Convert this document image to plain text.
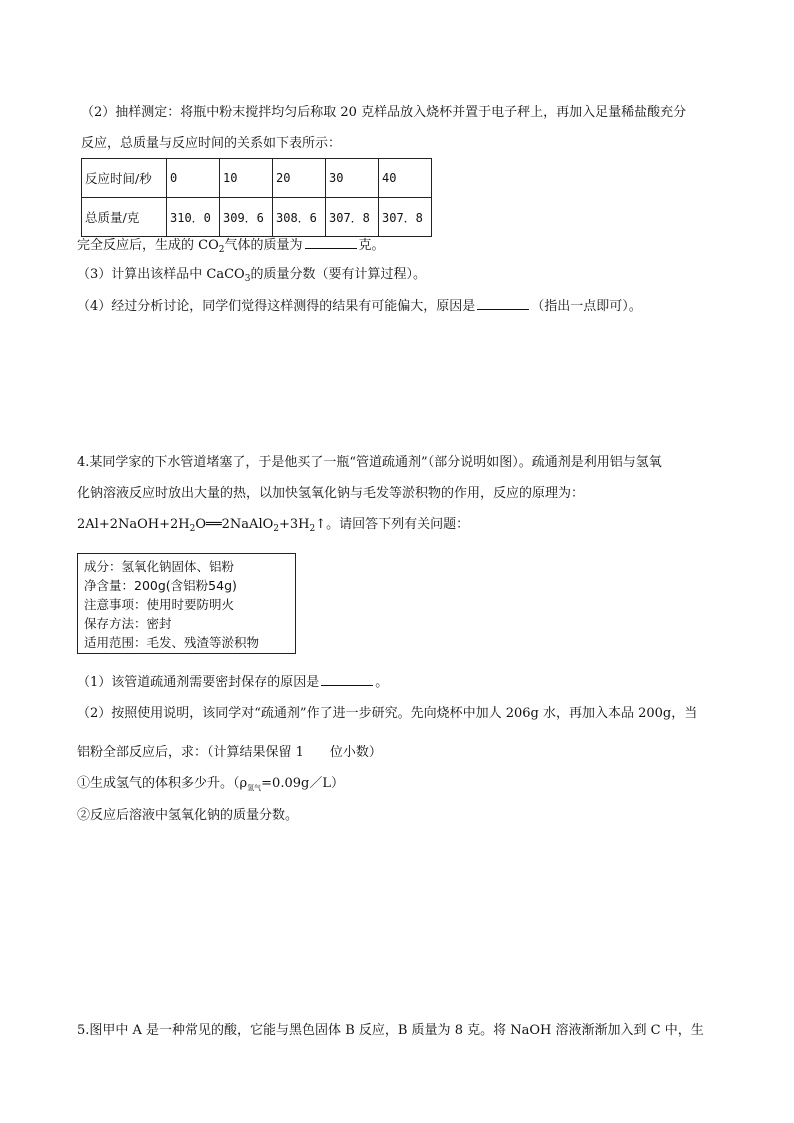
（2）抽样测定：将瓶中粉末搅拌均匀后称取 20 克样品放入烧杯并置于电子秤上，再加入足量稀盐酸充分
反应，总质量与反应时间的关系如下表所示：
反应时间/秒	0	10	20	30	40
总质量/克	310．0	309．6	308．6	307．8	307．8
完全反应后，生成的 $CO_2$气体的质量为	克。
（3）计算出该样品中 CaCO$_3$的质量分数（要有计算过程）。
（4）经过分析讨论，同学们觉得这样测得的结果有可能偏大，原因是	（指出一点即可）。
4.某同学家的下水管道堵塞了，于是他买了一瓶“管道疏通剂”（部分说明如图）。疏通剂是利用铝与氢氧
化钠溶液反应时放出大量的热，以加快氢氧化钠与毛发等淤积物的作用，反应的原理为：
$2Al+2NaOH+2H_2O══2NaAlO_2+3H_2↑$。请回答下列有关问题：
成分：氢氧化钠固体、铝粉
净含量：200g(含铝粉54g)
注意事项：使用时要防明火
保存方法：密封
适用范围：毛发、残渣等淤积物
（1）该管道疏通剂需要密封保存的原因是	。
（2）按照使用说明，该同学对“疏通剂”作了进一步研究。先向烧杯中加人 206g 水，再加入本品 200g，当
铝粉全部反应后，求：（计算结果保留 1　　位小数）
①生成氢气的体积多少升。$(\rho_{氢气}=0.09g/L)$
②反应后溶液中氢氧化钠的质量分数。
5.图甲中 A 是一种常见的酸，它能与黑色固体 B 反应，B 质量为 8 克。将 NaOH 溶液渐渐加入到 C 中，生
